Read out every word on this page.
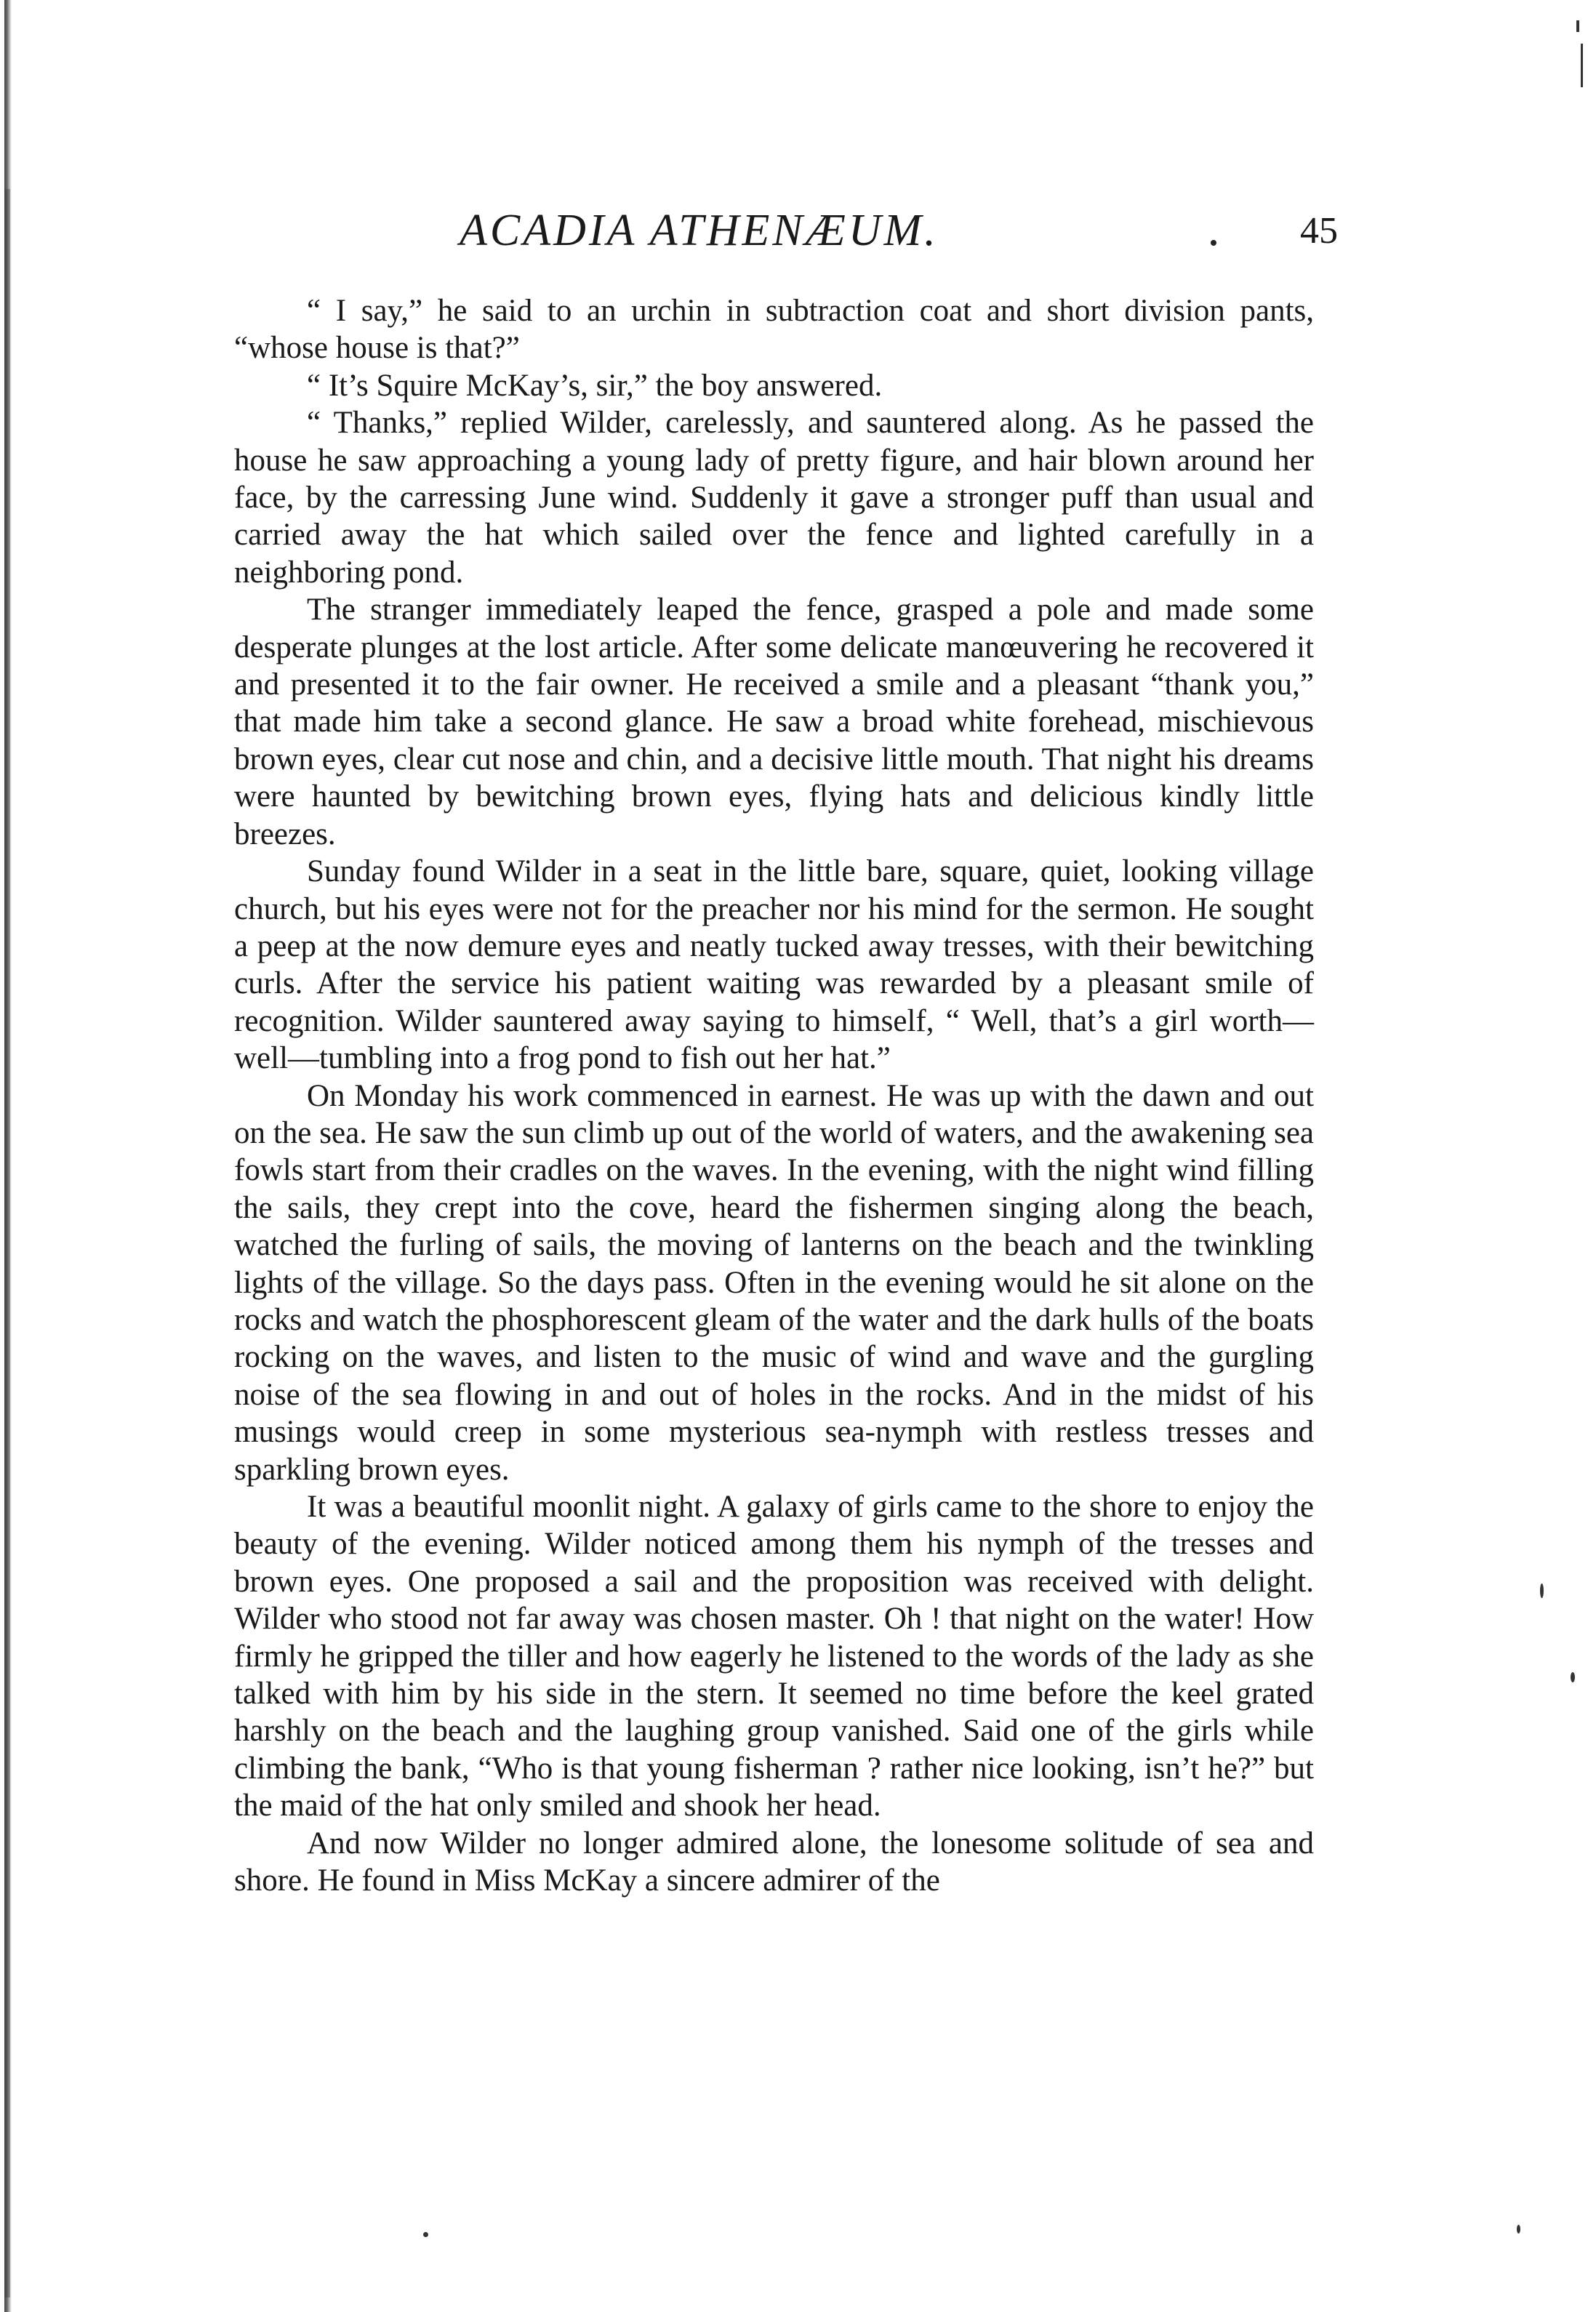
ACADIA ATHENÆUM.	45

“ I say,” he said to an urchin in subtraction coat and short division pants, “whose house is that?”

“ It’s Squire McKay’s, sir,” the boy answered.

“ Thanks,” replied Wilder, carelessly, and sauntered along. As he passed the house he saw approaching a young lady of pretty figure, and hair blown around her face, by the carressing June wind. Suddenly it gave a stronger puff than usual and carried away the hat which sailed over the fence and lighted carefully in a neighboring pond.

The stranger immediately leaped the fence, grasped a pole and made some desperate plunges at the lost article. After some delicate manœuvering he recovered it and presented it to the fair owner. He received a smile and a pleasant “thank you,” that made him take a second glance. He saw a broad white forehead, mischievous brown eyes, clear cut nose and chin, and a decisive little mouth. That night his dreams were haunted by bewitching brown eyes, flying hats and delicious kindly little breezes.

Sunday found Wilder in a seat in the little bare, square, quiet, looking village church, but his eyes were not for the preacher nor his mind for the sermon. He sought a peep at the now demure eyes and neatly tucked away tresses, with their bewitching curls. After the service his patient waiting was rewarded by a pleasant smile of recognition. Wilder sauntered away saying to himself, “ Well, that’s a girl worth—well—tumbling into a frog pond to fish out her hat.”

On Monday his work commenced in earnest. He was up with the dawn and out on the sea. He saw the sun climb up out of the world of waters, and the awakening sea fowls start from their cradles on the waves. In the evening, with the night wind filling the sails, they crept into the cove, heard the fishermen singing along the beach, watched the furling of sails, the moving of lanterns on the beach and the twinkling lights of the village. So the days pass. Often in the evening would he sit alone on the rocks and watch the phosphorescent gleam of the water and the dark hulls of the boats rocking on the waves, and listen to the music of wind and wave and the gurgling noise of the sea flowing in and out of holes in the rocks. And in the midst of his musings would creep in some mysterious sea-nymph with restless tresses and sparkling brown eyes.

It was a beautiful moonlit night. A galaxy of girls came to the shore to enjoy the beauty of the evening. Wilder noticed among them his nymph of the tresses and brown eyes. One proposed a sail and the proposition was received with delight. Wilder who stood not far away was chosen master. Oh ! that night on the water! How firmly he gripped the tiller and how eagerly he listened to the words of the lady as she talked with him by his side in the stern. It seemed no time before the keel grated harshly on the beach and the laughing group vanished. Said one of the girls while climbing the bank, “Who is that young fisherman ? rather nice looking, isn’t he?” but the maid of the hat only smiled and shook her head.

And now Wilder no longer admired alone, the lonesome solitude of sea and shore. He found in Miss McKay a sincere admirer of the
